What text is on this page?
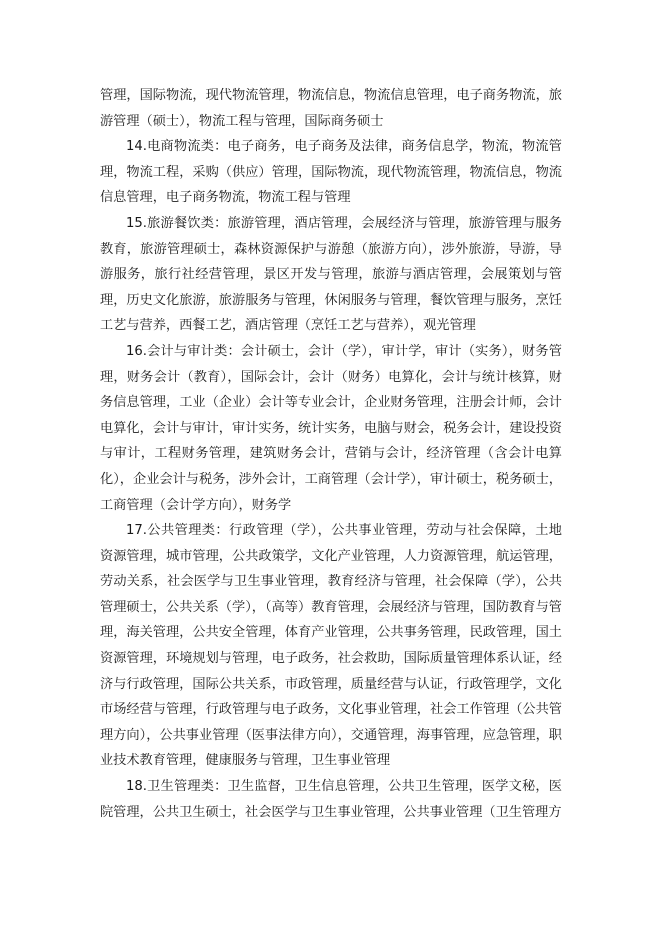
管理，国际物流，现代物流管理，物流信息，物流信息管理，电子商务物流，旅游管理（硕士），物流工程与管理，国际商务硕士

14.电商物流类：电子商务，电子商务及法律，商务信息学，物流，物流管理，物流工程，采购（供应）管理，国际物流，现代物流管理，物流信息，物流信息管理，电子商务物流，物流工程与管理

15.旅游餐饮类：旅游管理，酒店管理，会展经济与管理，旅游管理与服务教育，旅游管理硕士，森林资源保护与游憩（旅游方向），涉外旅游，导游，导游服务，旅行社经营管理，景区开发与管理，旅游与酒店管理，会展策划与管理，历史文化旅游，旅游服务与管理，休闲服务与管理，餐饮管理与服务，烹饪工艺与营养，西餐工艺，酒店管理（烹饪工艺与营养），观光管理

16.会计与审计类：会计硕士，会计（学），审计学，审计（实务），财务管理，财务会计（教育），国际会计，会计（财务）电算化，会计与统计核算，财务信息管理，工业（企业）会计等专业会计，企业财务管理，注册会计师，会计电算化，会计与审计，审计实务，统计实务，电脑与财会，税务会计，建设投资与审计，工程财务管理，建筑财务会计，营销与会计，经济管理（含会计电算化），企业会计与税务，涉外会计，工商管理（会计学），审计硕士，税务硕士，工商管理（会计学方向），财务学

17.公共管理类：行政管理（学），公共事业管理，劳动与社会保障，土地资源管理，城市管理，公共政策学，文化产业管理，人力资源管理，航运管理，劳动关系，社会医学与卫生事业管理，教育经济与管理，社会保障（学），公共管理硕士，公共关系（学），（高等）教育管理，会展经济与管理，国防教育与管理，海关管理，公共安全管理，体育产业管理，公共事务管理，民政管理，国土资源管理，环境规划与管理，电子政务，社会救助，国际质量管理体系认证，经济与行政管理，国际公共关系，市政管理，质量经营与认证，行政管理学，文化市场经营与管理，行政管理与电子政务，文化事业管理，社会工作管理（公共管理方向），公共事业管理（医事法律方向），交通管理，海事管理，应急管理，职业技术教育管理，健康服务与管理，卫生事业管理

18.卫生管理类：卫生监督，卫生信息管理，公共卫生管理，医学文秘，医院管理，公共卫生硕士，社会医学与卫生事业管理，公共事业管理（卫生管理方
